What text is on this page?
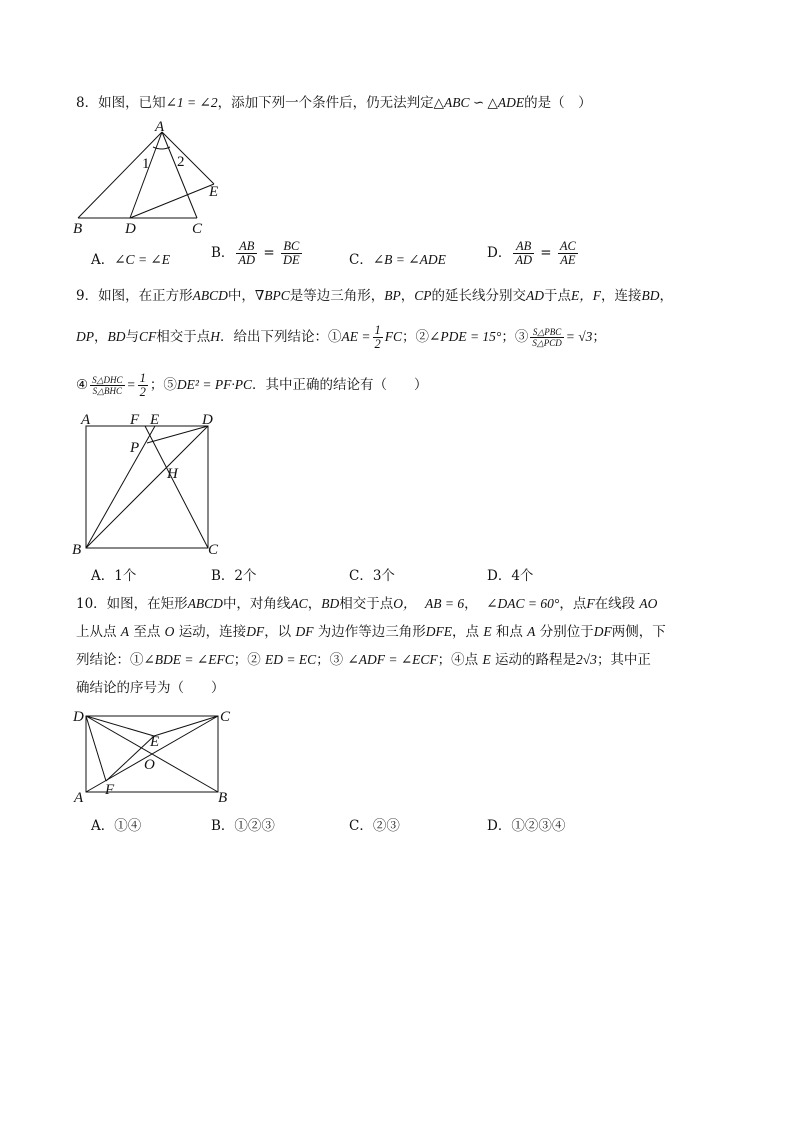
8．如图，已知∠1 = ∠2，添加下列一个条件后，仍无法判定△ABC ∽ △ADE的是（　）
A
1 2
E
B	D	C
A．∠C = ∠E	B． $\frac{AB}{AD} = \frac{BC}{DE}$	C．∠B = ∠ADE	D． $\frac{AB}{AD} = \frac{AC}{AE}$
9．如图，在正方形ABCD中，∇BPC是等边三角形，BP，CP的延长线分别交AD于点E，F，连接BD，
DP，BD与CF相交于点H．给出下列结论：①AE = $\frac{1}{2}$ FC；②∠PDE = 15°；③ $\frac{\text{S△PBC}}{\text{S△PCD}} = √3$；
④ $\frac{\text{S△DHC}}{\text{S△BHC}} = \frac{1}{2}$ ；⑤DE² = PF·PC．其中正确的结论有（　　）
A	F E	D
P
H
B	C
A．1个	B．2个	C．3个	D．4个
10．如图，在矩形ABCD中，对角线AC，BD相交于点O， AB = 6， ∠DAC = 60°，点F在线段 AO
上从点 A 至点 O 运动，连接DF，以 DF 为边作等边三角形DFE，点 E 和点 A 分别位于DF两侧，下
列结论：①∠BDE = ∠EFC；② ED = EC；③ ∠ADF = ∠ECF；④点 E 运动的路程是2√3；其中正
确结论的序号为（　　）
D	C
E
O
A F	B
A．①④	B．①②③	C．②③	D．①②③④
